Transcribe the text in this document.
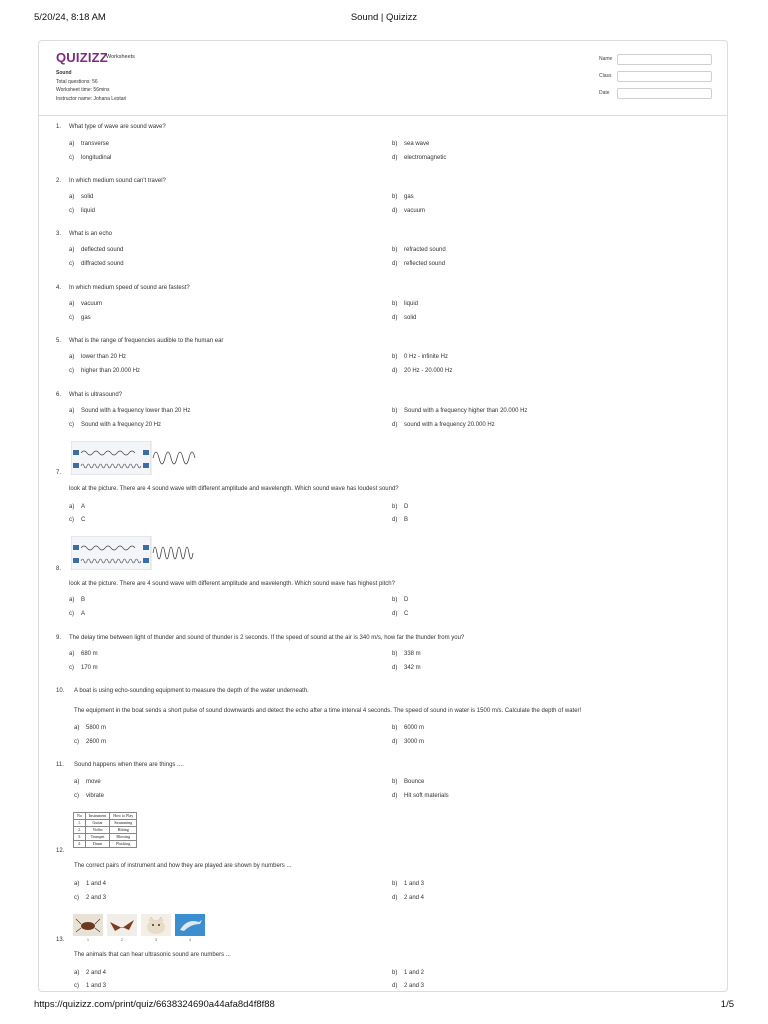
5/20/24, 8:18 AM	Sound | Quizizz
QUIZIZZ
Worksheets
Sound
Total questions: 56
Worksheet time: 56mins
Instructor name: Johana Lestari
Name
Class
Date
1. What type of wave are sound wave?
a) transverse	b) sea wave
c) longitudinal	d) electromagnetic
2. In which medium sound can't travel?
a) solid	b) gas
c) liquid	d) vacuum
3. What is an echo
a) deflected sound	b) refracted sound
c) diffracted sound	d) reflected sound
4. In which medium speed of sound are fastest?
a) vacuum	b) liquid
c) gas	d) solid
5. What is the range of frequencies audible to the human ear
a) lower than 20 Hz	b) 0 Hz - infinite Hz
c) higher than 20.000 Hz	d) 20 Hz - 20.000 Hz
6. What is ultrasound?
a) Sound with a frequency lower than 20 Hz	b) Sound with a frequency higher than 20.000 Hz
c) Sound with a frequency 20 Hz	d) sound with a frequency 20.000 Hz
7.
look at the picture. There are 4 sound wave with different amplitude and wavelength. Which sound wave has loudest sound?
a) A	b) D
c) C	d) B
8.
look at the picture. There are 4 sound wave with different amplitude and wavelength. Which sound wave has highest pitch?
a) B	b) D
c) A	d) C
9. The delay time between light of thunder and sound of thunder is 2 seconds. If the speed of sound at the air is 340 m/s, how far the thunder from you?
a) 680 m	b) 338 m
c) 170 m	d) 342 m
10. A boat is using echo-sounding equipment to measure the depth of the water underneath.
The equipment in the boat sends a short pulse of sound downwards and detect the echo after a time interval 4 seconds. The speed of sound in water is 1500 m/s. Calculate the depth of water!
a) 5800 m	b) 6000 m
c) 2600 m	d) 3000 m
11. Sound happens when there are things ....
a) move	b) Bounce
c) vibrate	d) Hit soft materials
12.
The correct pairs of instrument and how they are played are shown by numbers ...
a) 1 and 4	b) 1 and 3
c) 2 and 3	d) 2 and 4
13.
The animals that can hear ultrasonic sound are numbers ...
a) 2 and 4	b) 1 and 2
c) 1 and 3	d) 2 and 3
No	Instrument	How to Play
1.	Guitar	Strumming
2.	Violin	Hitting
3.	Trumpet	Blowing
4.	Drum	Plucking
1	2	3	4
https://quizizz.com/print/quiz/6638324690a44afa8d4f8f88	1/5
